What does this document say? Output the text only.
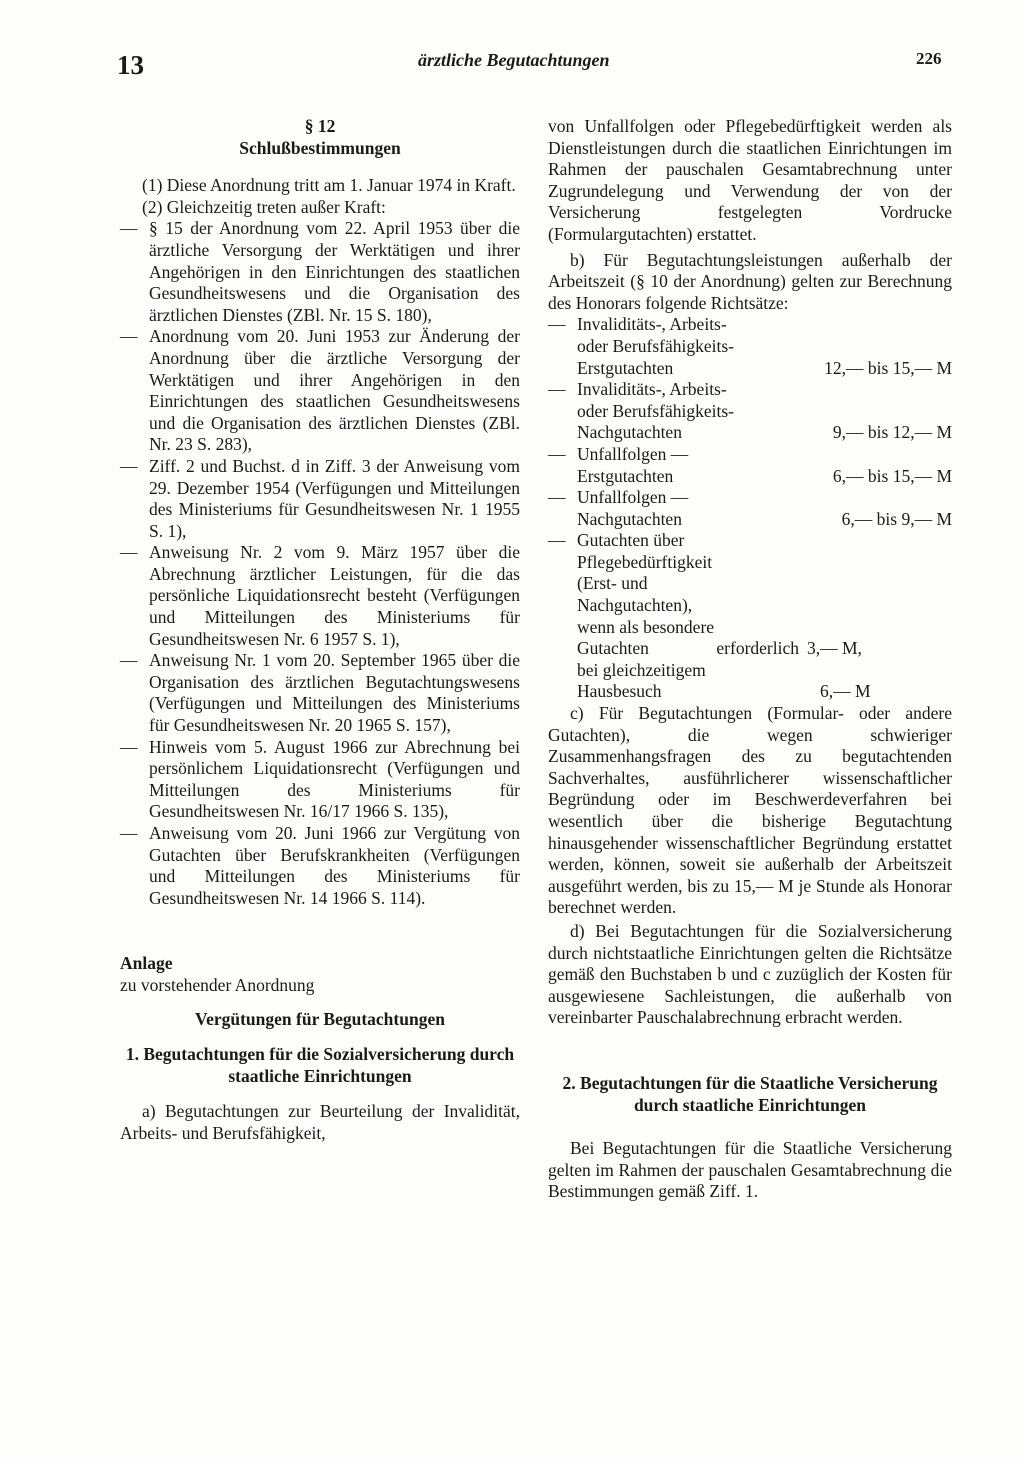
13	ärztliche Begutachtungen	226

§ 12

Schlußbestimmungen

(1) Diese Anordnung tritt am 1. Januar 1974 in Kraft.

(2) Gleichzeitig treten außer Kraft:

— § 15 der Anordnung vom 22. April 1953 über die ärztliche Versorgung der Werktätigen und ihrer Angehörigen in den Einrichtungen des staatlichen Gesundheitswesens und die Organisation des ärztlichen Dienstes (ZBl. Nr. 15 S. 180),
— Anordnung vom 20. Juni 1953 zur Änderung der Anordnung über die ärztliche Versorgung der Werktätigen und ihrer Angehörigen in den Einrichtungen des staatlichen Gesundheitswesens und die Organisation des ärztlichen Dienstes (ZBl. Nr. 23 S. 283),
— Ziff. 2 und Buchst. d in Ziff. 3 der Anweisung vom 29. Dezember 1954 (Verfügungen und Mitteilungen des Ministeriums für Gesundheitswesen Nr. 1 1955 S. 1),
— Anweisung Nr. 2 vom 9. März 1957 über die Abrechnung ärztlicher Leistungen, für die das persönliche Liquidationsrecht besteht (Verfügungen und Mitteilungen des Ministeriums für Gesundheitswesen Nr. 6 1957 S. 1),
— Anweisung Nr. 1 vom 20. September 1965 über die Organisation des ärztlichen Begutachtungswesens (Verfügungen und Mitteilungen des Ministeriums für Gesundheitswesen Nr. 20 1965 S. 157),
— Hinweis vom 5. August 1966 zur Abrechnung bei persönlichem Liquidationsrecht (Verfügungen und Mitteilungen des Ministeriums für Gesundheitswesen Nr. 16/17 1966 S. 135),
— Anweisung vom 20. Juni 1966 zur Vergütung von Gutachten über Berufskrankheiten (Verfügungen und Mitteilungen des Ministeriums für Gesundheitswesen Nr. 14 1966 S. 114).

Anlage

zu vorstehender Anordnung

Vergütungen für Begutachtungen

1. Begutachtungen für die Sozialversicherung durch staatliche Einrichtungen

a) Begutachtungen zur Beurteilung der Invalidität, Arbeits- und Berufsfähigkeit,

von Unfallfolgen oder Pflegebedürftigkeit werden als Dienstleistungen durch die staatlichen Einrichtungen im Rahmen der pauschalen Gesamtabrechnung unter Zugrundelegung und Verwendung der von der Versicherung festgelegten Vordrucke (Formulargutachten) erstattet.

b) Für Begutachtungsleistungen außerhalb der Arbeitszeit (§ 10 der Anordnung) gelten zur Berechnung des Honorars folgende Richtsätze:

— Invaliditäts-, Arbeits-
oder Berufsfähigkeits-
Erstgutachten	12,— bis 15,— M
— Invaliditäts-, Arbeits-
oder Berufsfähigkeits-
Nachgutachten	9,— bis 12,— M
— Unfallfolgen —
Erstgutachten	6,— bis 15,— M
— Unfallfolgen —
Nachgutachten	6,— bis 9,— M
— Gutachten über
Pflegebedürftigkeit
(Erst- und
Nachgutachten),
wenn als besondere
Gutachten erforderlich 3,— M,
bei gleichzeitigem
Hausbesuch	6,— M

c) Für Begutachtungen (Formular- oder andere Gutachten), die wegen schwieriger Zusammenhangsfragen des zu begutachtenden Sachverhaltes, ausführlicherer wissenschaftlicher Begründung oder im Beschwerdeverfahren bei wesentlich über die bisherige Begutachtung hinausgehender wissenschaftlicher Begründung erstattet werden, können, soweit sie außerhalb der Arbeitszeit ausgeführt werden, bis zu 15,— M je Stunde als Honorar berechnet werden.

d) Bei Begutachtungen für die Sozialversicherung durch nichtstaatliche Einrichtungen gelten die Richtsätze gemäß den Buchstaben b und c zuzüglich der Kosten für ausgewiesene Sachleistungen, die außerhalb von vereinbarter Pauschalabrechnung erbracht werden.

2. Begutachtungen für die Staatliche Versicherung durch staatliche Einrichtungen

Bei Begutachtungen für die Staatliche Versicherung gelten im Rahmen der pauschalen Gesamtabrechnung die Bestimmungen gemäß Ziff. 1.
